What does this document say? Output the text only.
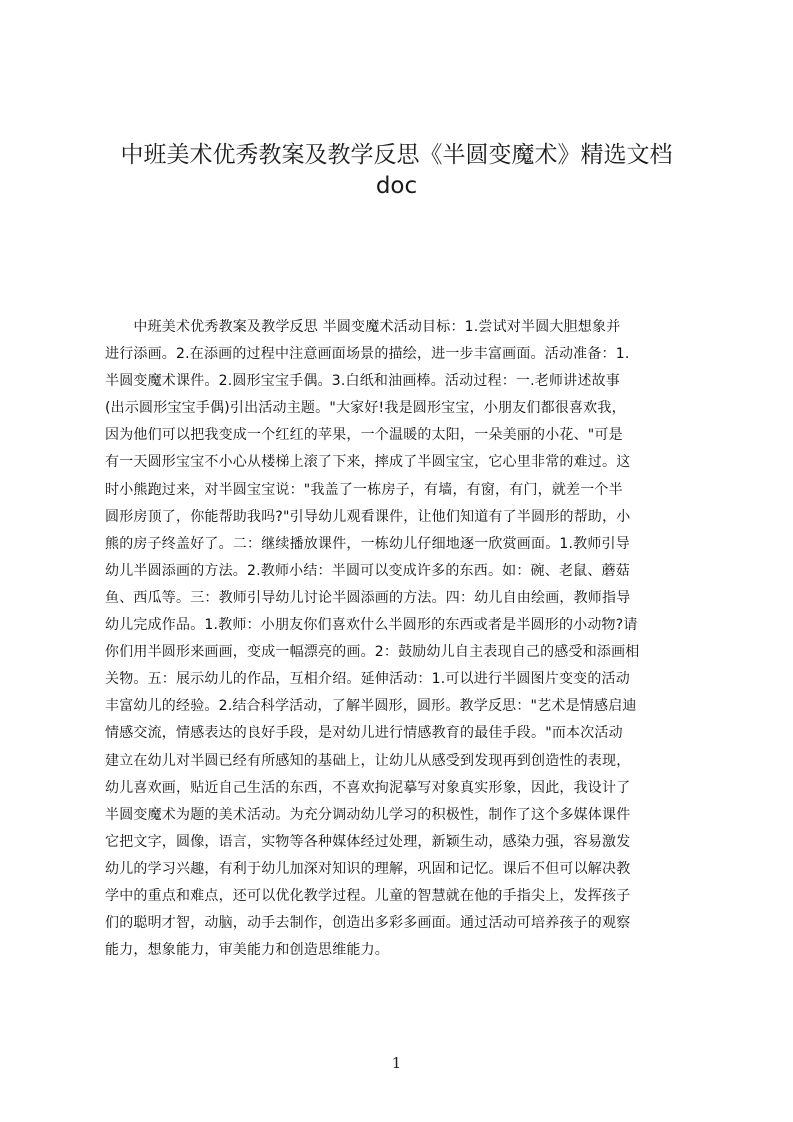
中班美术优秀教案及教学反思《半圆变魔术》精选文档
doc
　　中班美术优秀教案及教学反思 半圆变魔术活动目标：1.尝试对半圆大胆想象并
进行添画。2.在添画的过程中注意画面场景的描绘，进一步丰富画面。活动准备：1.
半圆变魔术课件。2.圆形宝宝手偶。3.白纸和油画棒。活动过程：一.老师讲述故事
(出示圆形宝宝手偶)引出活动主题。"大家好!我是圆形宝宝，小朋友们都很喜欢我，
因为他们可以把我变成一个红红的苹果，一个温暖的太阳，一朵美丽的小花、"可是
有一天圆形宝宝不小心从楼梯上滚了下来，摔成了半圆宝宝，它心里非常的难过。这
时小熊跑过来，对半圆宝宝说："我盖了一栋房子，有墙，有窗，有门，就差一个半
圆形房顶了，你能帮助我吗?"引导幼儿观看课件，让他们知道有了半圆形的帮助，小
熊的房子终盖好了。二：继续播放课件，一栋幼儿仔细地逐一欣赏画面。1.教师引导
幼儿半圆添画的方法。2.教师小结：半圆可以变成许多的东西。如：碗、老鼠、蘑菇
鱼、西瓜等。三：教师引导幼儿讨论半圆添画的方法。四：幼儿自由绘画，教师指导
幼儿完成作品。1.教师：小朋友你们喜欢什么半圆形的东西或者是半圆形的小动物?请
你们用半圆形来画画，变成一幅漂亮的画。2：鼓励幼儿自主表现自己的感受和添画相
关物。五：展示幼儿的作品，互相介绍。延伸活动：1.可以进行半圆图片变变的活动
丰富幼儿的经验。2.结合科学活动，了解半圆形，圆形。教学反思："艺术是情感启迪
情感交流，情感表达的良好手段，是对幼儿进行情感教育的最佳手段。"而本次活动
建立在幼儿对半圆已经有所感知的基础上，让幼儿从感受到发现再到创造性的表现，
幼儿喜欢画，贴近自己生活的东西，不喜欢拘泥摹写对象真实形象，因此，我设计了
半圆变魔术为题的美术活动。为充分调动幼儿学习的积极性，制作了这个多媒体课件
它把文字，圆像，语言，实物等各种媒体经过处理，新颖生动，感染力强，容易激发
幼儿的学习兴趣，有利于幼儿加深对知识的理解，巩固和记忆。课后不但可以解决教
学中的重点和难点，还可以优化教学过程。儿童的智慧就在他的手指尖上，发挥孩子
们的聪明才智，动脑，动手去制作，创造出多彩多画面。通过活动可培养孩子的观察
能力，想象能力，审美能力和创造思维能力。
1
